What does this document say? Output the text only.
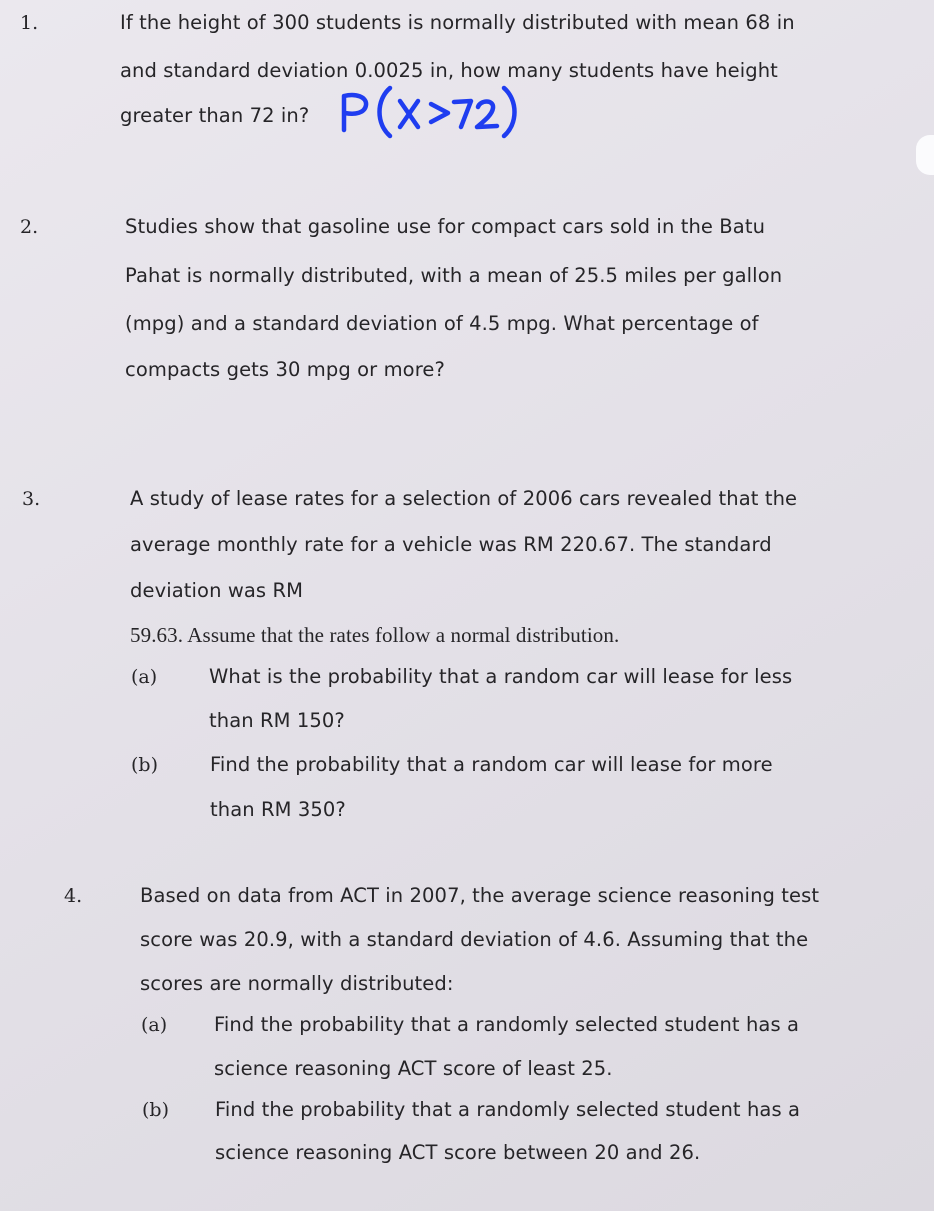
1.	If the height of 300 students is normally distributed with mean 68 in
and standard deviation 0.0025 in, how many students have height
greater than 72 in?
2.	Studies show that gasoline use for compact cars sold in the Batu
Pahat is normally distributed, with a mean of 25.5 miles per gallon
(mpg) and a standard deviation of 4.5 mpg. What percentage of
compacts gets 30 mpg or more?
3.	A study of lease rates for a selection of 2006 cars revealed that the
average monthly rate for a vehicle was RM 220.67. The standard
deviation was RM
59.63. Assume that the rates follow a normal distribution.
(a)	What is the probability that a random car will lease for less
than RM 150?
(b)	Find the probability that a random car will lease for more
than RM 350?
4.	Based on data from ACT in 2007, the average science reasoning test
score was 20.9, with a standard deviation of 4.6. Assuming that the
scores are normally distributed:
(a) Find the probability that a randomly selected student has a
science reasoning ACT score of least 25.
(b) Find the probability that a randomly selected student has a
science reasoning ACT score between 20 and 26.
